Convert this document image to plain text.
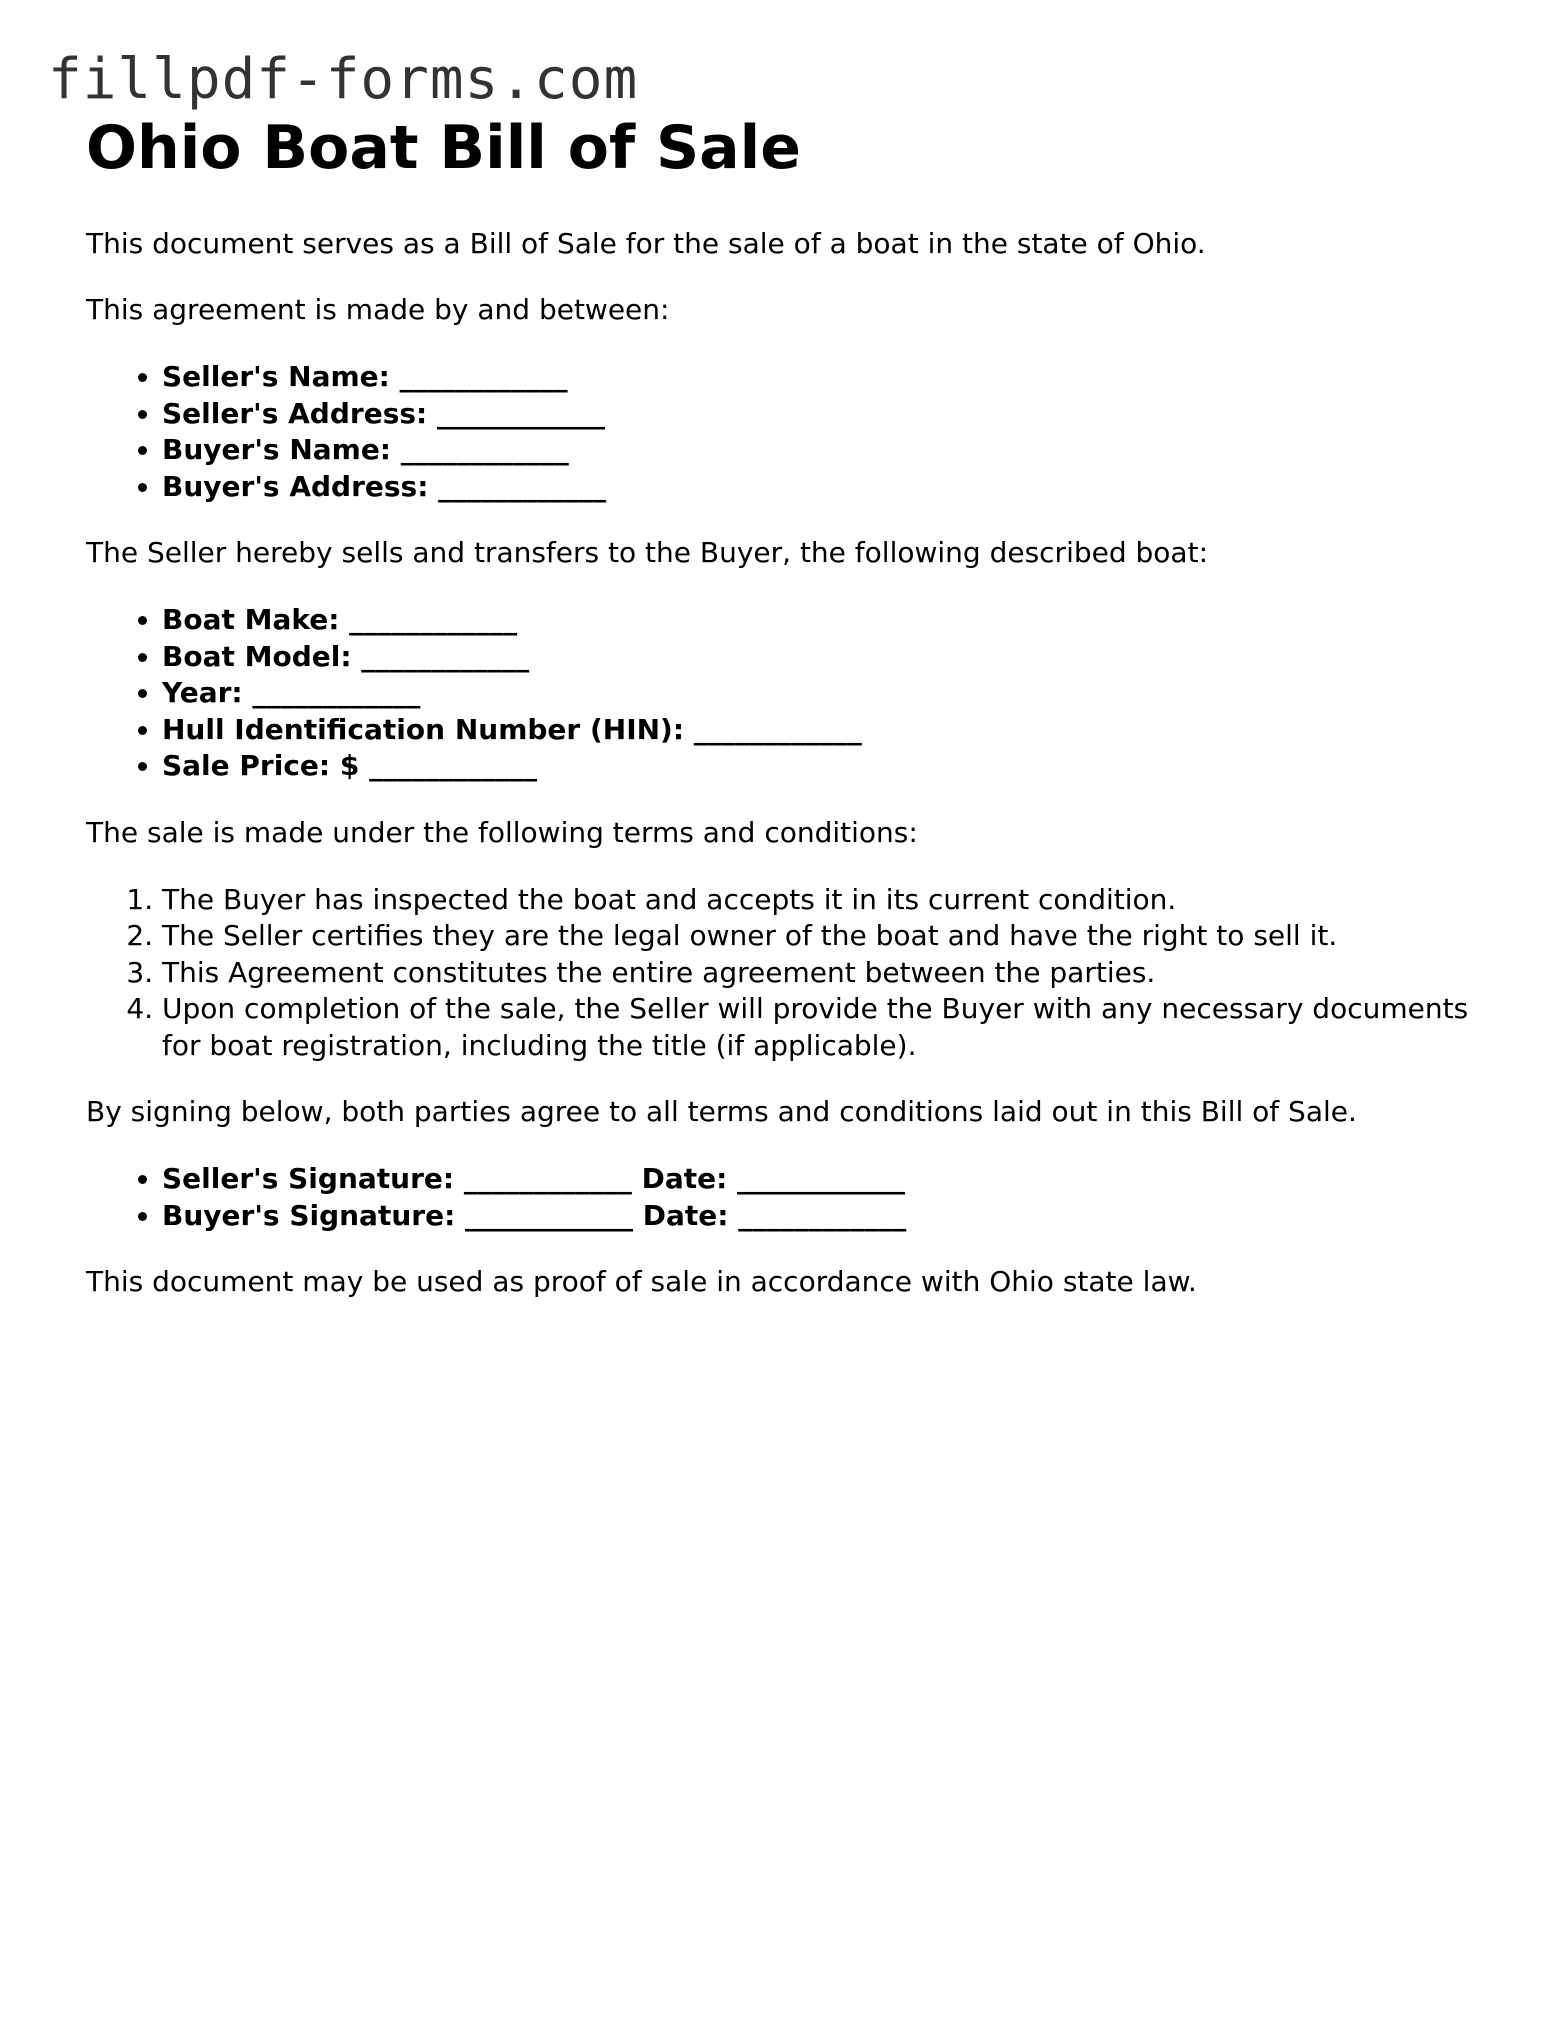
fillpdf-forms.com
Ohio Boat Bill of Sale

This document serves as a Bill of Sale for the sale of a boat in the state of Ohio.

This agreement is made by and between:

• Seller's Name: ____________
• Seller's Address: ____________
• Buyer's Name: ____________
• Buyer's Address: ____________

The Seller hereby sells and transfers to the Buyer, the following described boat:

• Boat Make: ____________
• Boat Model: ____________
• Year: ____________
• Hull Identification Number (HIN): ____________
• Sale Price: $ ____________

The sale is made under the following terms and conditions:

1. The Buyer has inspected the boat and accepts it in its current condition.
2. The Seller certifies they are the legal owner of the boat and have the right to sell it.
3. This Agreement constitutes the entire agreement between the parties.
4. Upon completion of the sale, the Seller will provide the Buyer with any necessary documents for boat registration, including the title (if applicable).

By signing below, both parties agree to all terms and conditions laid out in this Bill of Sale.

• Seller's Signature: ____________ Date: ____________
• Buyer's Signature: ____________ Date: ____________

This document may be used as proof of sale in accordance with Ohio state law.
